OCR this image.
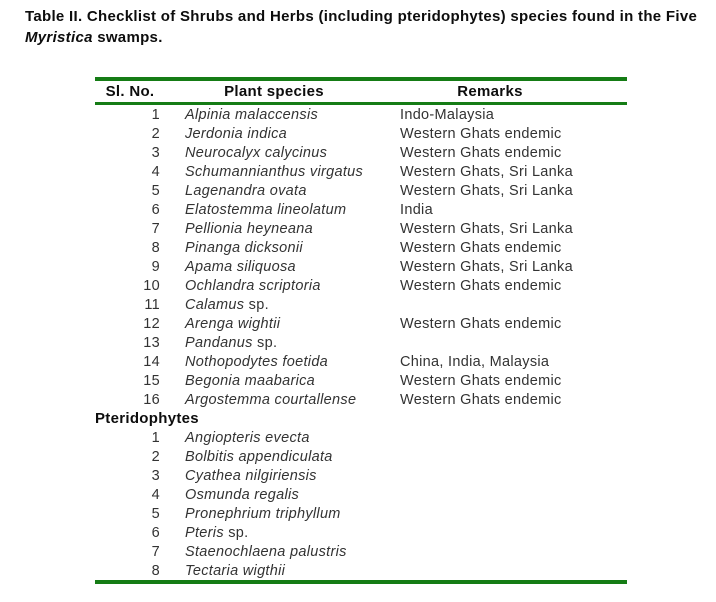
Table II. Checklist of Shrubs and Herbs (including pteridophytes) species found in the Five
Myristica swamps.
Sl. No.	Plant species	Remarks
1	Alpinia malaccensis	Indo-Malaysia
2	Jerdonia indica	Western Ghats endemic
3	Neurocalyx calycinus	Western Ghats endemic
4	Schumannianthus virgatus	Western Ghats, Sri Lanka
5	Lagenandra ovata	Western Ghats, Sri Lanka
6	Elatostemma lineolatum	India
7	Pellionia heyneana	Western Ghats, Sri Lanka
8	Pinanga dicksonii	Western Ghats endemic
9	Apama siliquosa	Western Ghats, Sri Lanka
10	Ochlandra scriptoria	Western Ghats endemic
11	Calamus sp.	
12	Arenga wightii	Western Ghats endemic
13	Pandanus sp.	
14	Nothopodytes foetida	China, India, Malaysia
15	Begonia maabarica	Western Ghats endemic
16	Argostemma courtallense	Western Ghats endemic
Pteridophytes		
1	Angiopteris evecta	
2	Bolbitis appendiculata	
3	Cyathea nilgiriensis	
4	Osmunda regalis	
5	Pronephrium triphyllum	
6	Pteris sp.	
7	Staenochlaena palustris	
8	Tectaria wigthii	
